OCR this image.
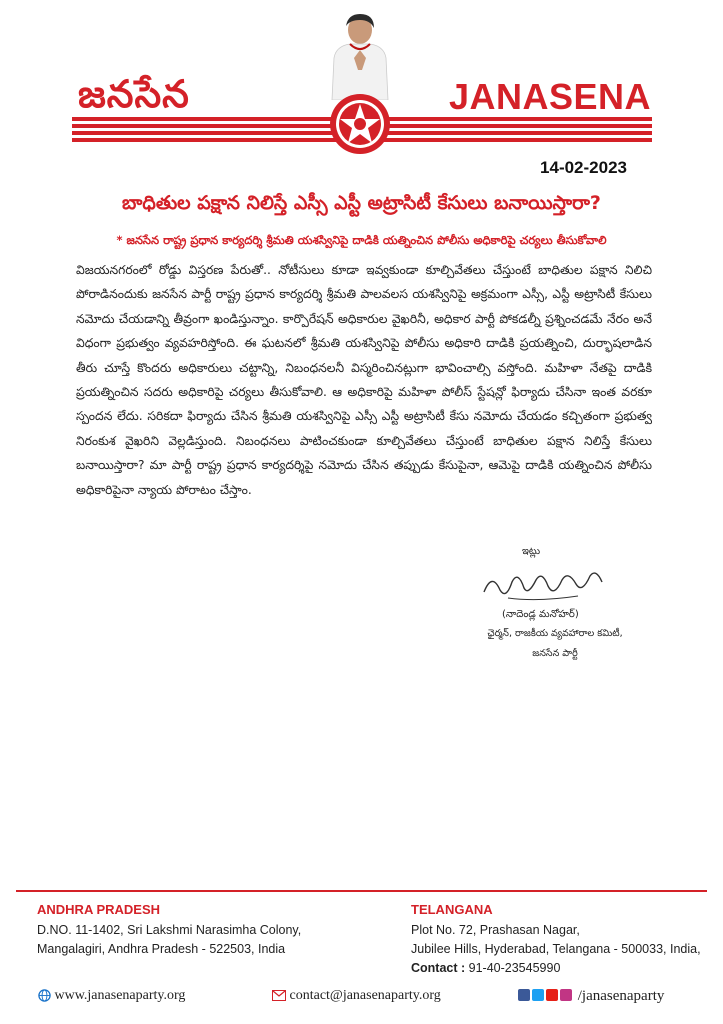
జనసేన	JANASENA
14-02-2023
బాధితుల పక్షాన నిలిస్తే ఎస్సీ ఎస్టీ అట్రాసిటీ కేసులు బనాయిస్తారా?
* జనసేన రాష్ట్ర ప్రధాన కార్యదర్శి శ్రీమతి యశస్వినిపై దాడికి యత్నించిన పోలీసు అధికారిపై చర్యలు తీసుకోవాలి
విజయనగరంలో రోడ్డు విస్తరణ పేరుతో.. నోటీసులు కూడా ఇవ్వకుండా కూల్చివేతలు చేస్తుంటే బాధితుల పక్షాన నిలిచి పోరాడినందుకు జనసేన పార్టీ రాష్ట్ర ప్రధాన కార్యదర్శి శ్రీమతి పాలవలస యశస్వినిపై అక్రమంగా ఎస్సీ, ఎస్టీ అట్రాసిటీ కేసులు నమోదు చేయడాన్ని తీవ్రంగా ఖండిస్తున్నాం. కార్పొరేషన్ అధికారుల వైఖరినీ, అధికార పార్టీ పోకడల్నీ ప్రశ్నించడమే నేరం అనే విధంగా ప్రభుత్వం వ్యవహరిస్తోంది. ఈ ఘటనలో శ్రీమతి యశస్వినిపై పోలీసు అధికారి దాడికి ప్రయత్నించి, దుర్భాషలాడిన తీరు చూస్తే కొందరు అధికారులు చట్టాన్ని, నిబంధనలనీ విస్మరించినట్లుగా భావించాల్సి వస్తోంది. మహిళా నేతపై దాడికి ప్రయత్నించిన సదరు అధికారిపై చర్యలు తీసుకోవాలి. ఆ అధికారిపై మహిళా పోలీస్ స్టేషన్లో ఫిర్యాదు చేసినా ఇంత వరకూ స్పందన లేదు. సరికదా ఫిర్యాదు చేసిన శ్రీమతి యశస్వినిపై ఎస్సీ ఎస్టీ అట్రాసిటీ కేసు నమోదు చేయడం కచ్చితంగా ప్రభుత్వ నిరంకుశ వైఖరిని వెల్లడిస్తుంది. నిబంధనలు పాటించకుండా కూల్చివేతలు చేస్తుంటే బాధితుల పక్షాన నిలిస్తే కేసులు బనాయిస్తారా? మా పార్టీ రాష్ట్ర ప్రధాన కార్యదర్శిపై నమోదు చేసిన తప్పుడు కేసుపైనా, ఆమెపై దాడికి యత్నించిన పోలీసు అధికారిపైనా న్యాయ పోరాటం చేస్తాం.
ఇట్లు
(నాదెండ్ల మనోహర్)
ఛైర్మన్, రాజకీయ వ్యవహారాల కమిటీ,
జనసేన పార్టీ
ANDHRA PRADESH
D.NO. 11-1402, Sri Lakshmi Narasimha Colony,
Mangalagiri, Andhra Pradesh - 522503, India
TELANGANA
Plot No. 72, Prashasan Nagar,
Jubilee Hills, Hyderabad, Telangana - 500033, India,
Contact : 91-40-23545990
www.janasenaparty.org	contact@janasenaparty.org	/janasenaparty
